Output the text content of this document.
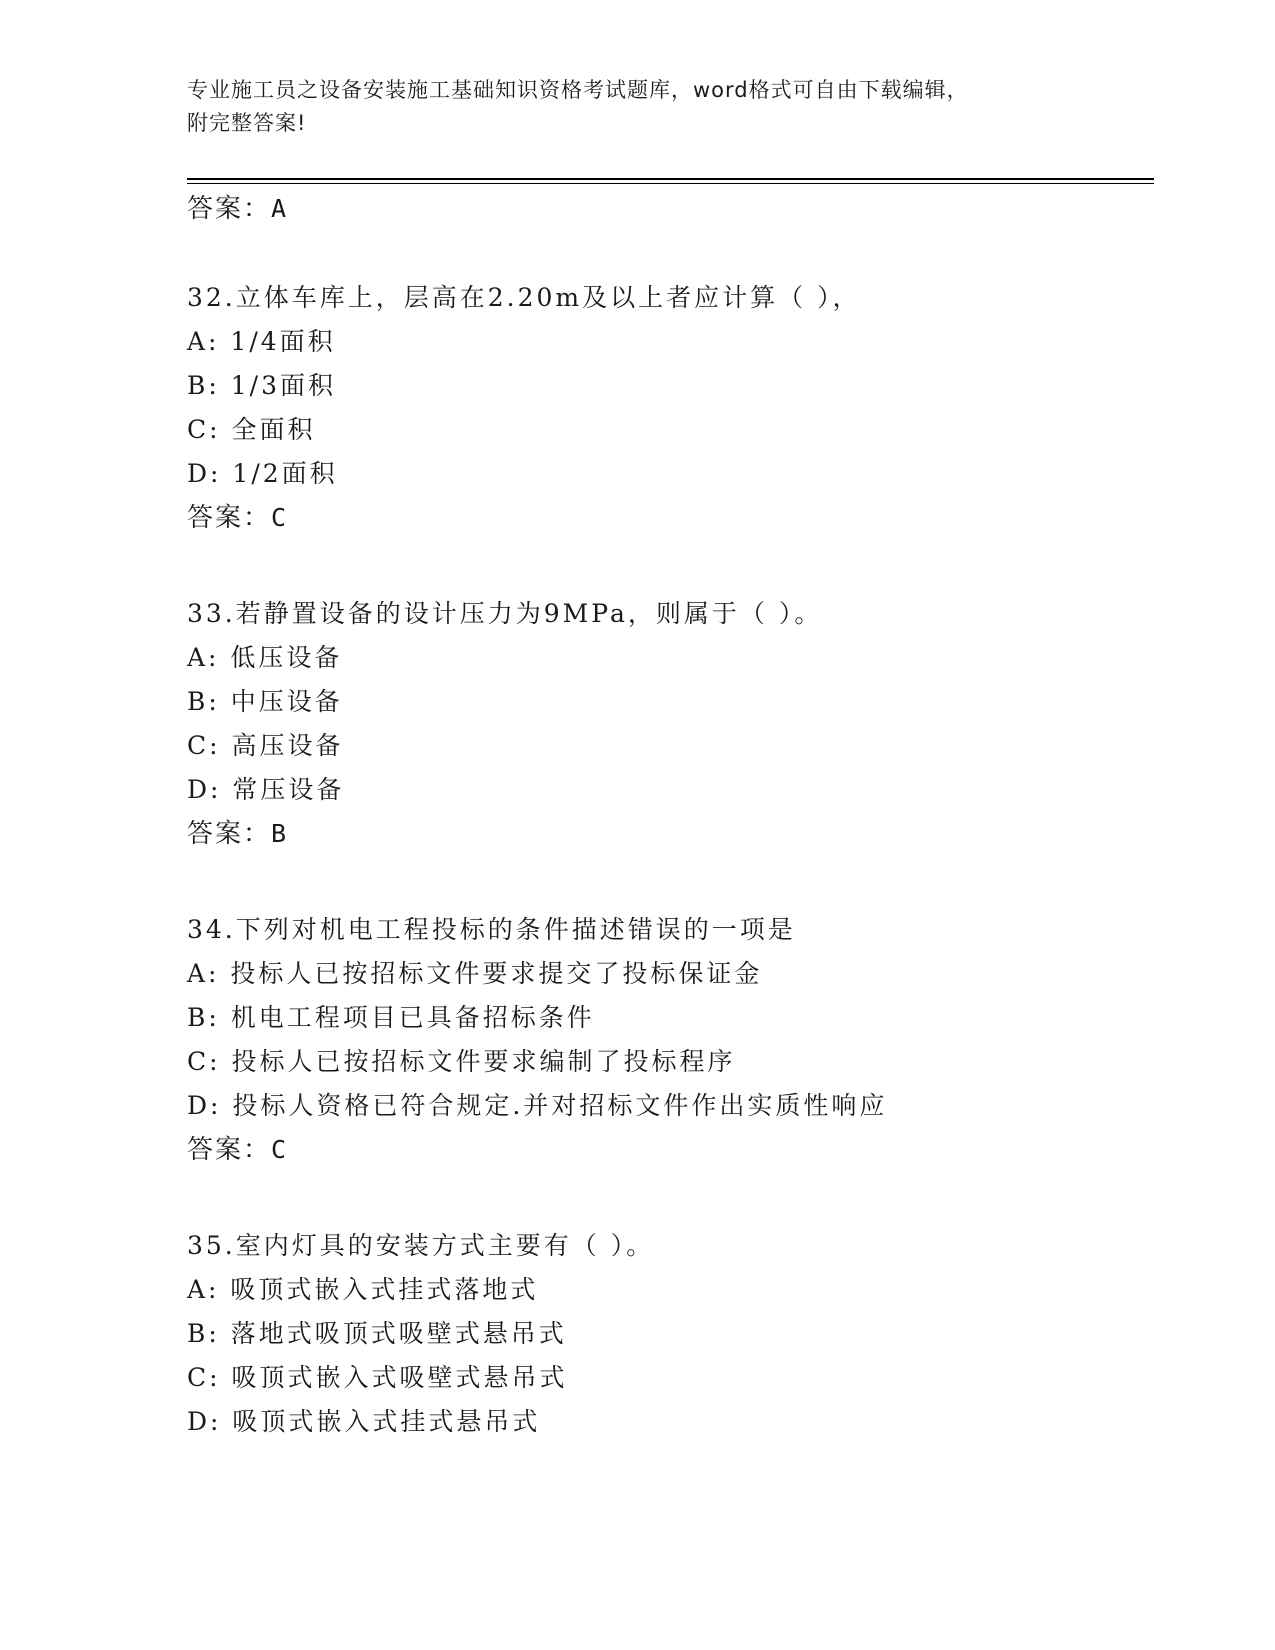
专业施工员之设备安装施工基础知识资格考试题库，word格式可自由下载编辑，
附完整答案!
答案：A
32.立体车库上，层高在2.20m及以上者应计算（ ），
A: 1/4面积
B: 1/3面积
C: 全面积
D: 1/2面积
答案：C
33.若静置设备的设计压力为9MPa，则属于（ ）。
A: 低压设备
B: 中压设备
C: 高压设备
D: 常压设备
答案：B
34.下列对机电工程投标的条件描述错误的一项是
A: 投标人已按招标文件要求提交了投标保证金
B: 机电工程项目已具备招标条件
C: 投标人已按招标文件要求编制了投标程序
D: 投标人资格已符合规定.并对招标文件作出实质性响应
答案：C
35.室内灯具的安装方式主要有（ ）。
A: 吸顶式嵌入式挂式落地式
B: 落地式吸顶式吸壁式悬吊式
C: 吸顶式嵌入式吸壁式悬吊式
D: 吸顶式嵌入式挂式悬吊式
